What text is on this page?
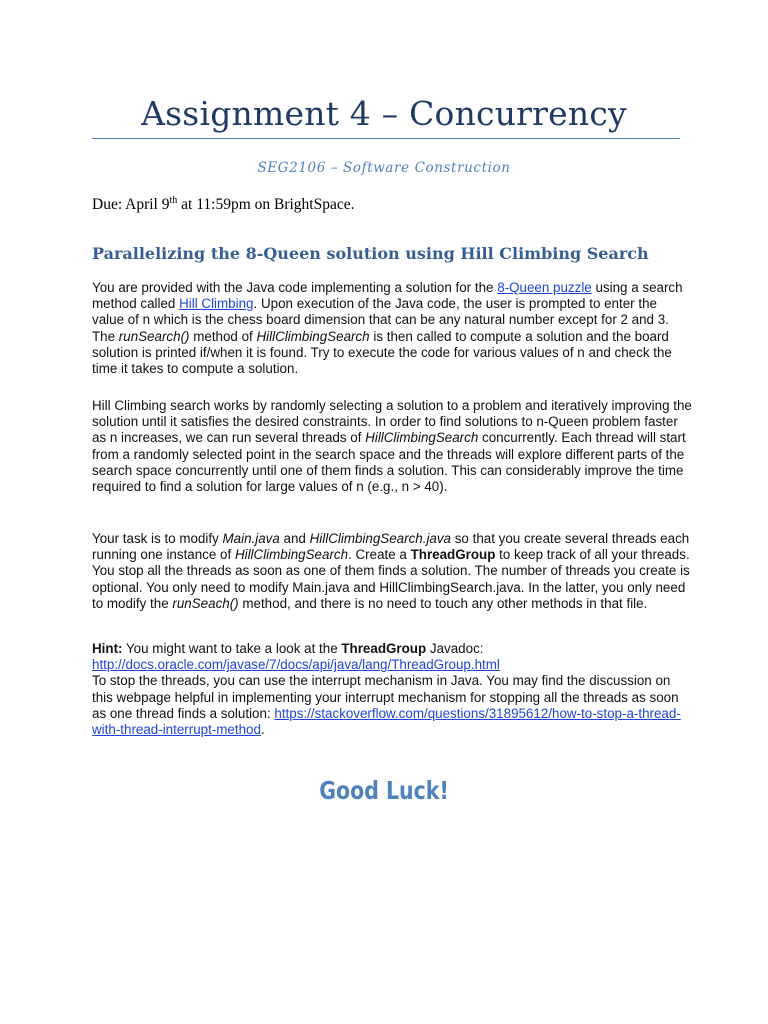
Assignment 4 – Concurrency
SEG2106 – Software Construction
Due: April 9th at 11:59pm on BrightSpace.
Parallelizing the 8-Queen solution using Hill Climbing Search
You are provided with the Java code implementing a solution for the 8-Queen puzzle using a search method called Hill Climbing. Upon execution of the Java code, the user is prompted to enter the value of n which is the chess board dimension that can be any natural number except for 2 and 3. The runSearch() method of HillClimbingSearch is then called to compute a solution and the board solution is printed if/when it is found. Try to execute the code for various values of n and check the time it takes to compute a solution.
Hill Climbing search works by randomly selecting a solution to a problem and iteratively improving the solution until it satisfies the desired constraints. In order to find solutions to n-Queen problem faster as n increases, we can run several threads of HillClimbingSearch concurrently. Each thread will start from a randomly selected point in the search space and the threads will explore different parts of the search space concurrently until one of them finds a solution. This can considerably improve the time required to find a solution for large values of n (e.g., n > 40).
Your task is to modify Main.java and HillClimbingSearch.java so that you create several threads each running one instance of HillClimbingSearch. Create a ThreadGroup to keep track of all your threads. You stop all the threads as soon as one of them finds a solution. The number of threads you create is optional. You only need to modify Main.java and HillClimbingSearch.java. In the latter, you only need to modify the runSeach() method, and there is no need to touch any other methods in that file.
Hint: You might want to take a look at the ThreadGroup Javadoc:
http://docs.oracle.com/javase/7/docs/api/java/lang/ThreadGroup.html
To stop the threads, you can use the interrupt mechanism in Java. You may find the discussion on this webpage helpful in implementing your interrupt mechanism for stopping all the threads as soon as one thread finds a solution: https://stackoverflow.com/questions/31895612/how-to-stop-a-thread-with-thread-interrupt-method.
Good Luck!
